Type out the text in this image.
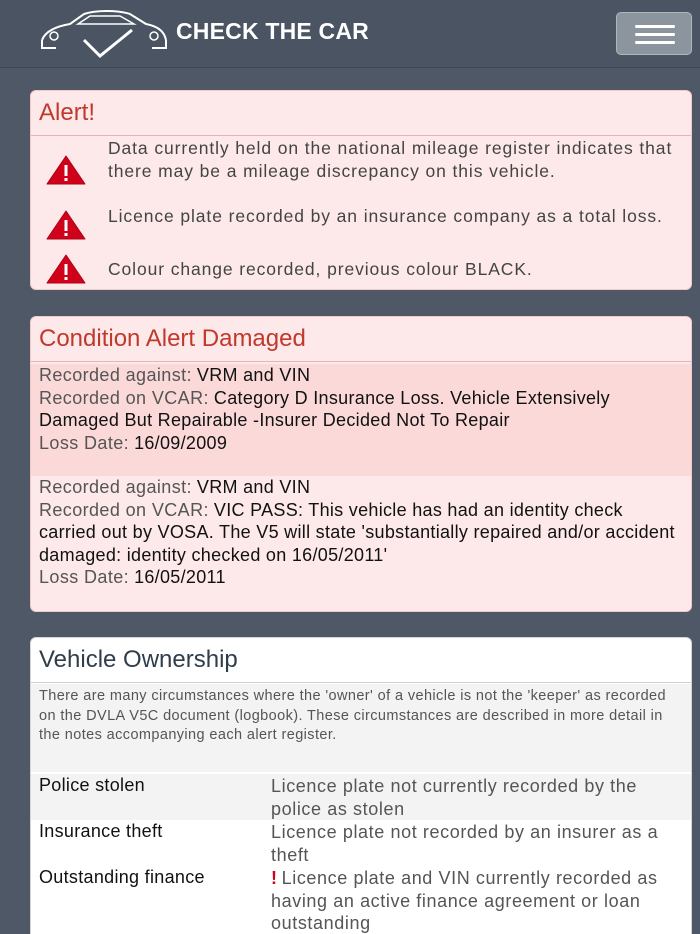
CHECK THE CAR
Alert!
Data currently held on the national mileage register indicates that there may be a mileage discrepancy on this vehicle.
Licence plate recorded by an insurance company as a total loss.
Colour change recorded, previous colour BLACK.
Condition Alert Damaged
Recorded against: VRM and VIN
Recorded on VCAR: Category D Insurance Loss. Vehicle Extensively Damaged But Repairable -Insurer Decided Not To Repair
Loss Date: 16/09/2009
Recorded against: VRM and VIN
Recorded on VCAR: VIC PASS: This vehicle has had an identity check carried out by VOSA. The V5 will state 'substantially repaired and/or accident damaged: identity checked on 16/05/2011'
Loss Date: 16/05/2011
Vehicle Ownership
There are many circumstances where the 'owner' of a vehicle is not the 'keeper' as recorded on the DVLA V5C document (logbook). These circumstances are described in more detail in the notes accompanying each alert register.
Police stolen	Licence plate not currently recorded by the police as stolen
Insurance theft	Licence plate not recorded by an insurer as a theft
Outstanding finance	! Licence plate and VIN currently recorded as having an active finance agreement or loan outstanding
